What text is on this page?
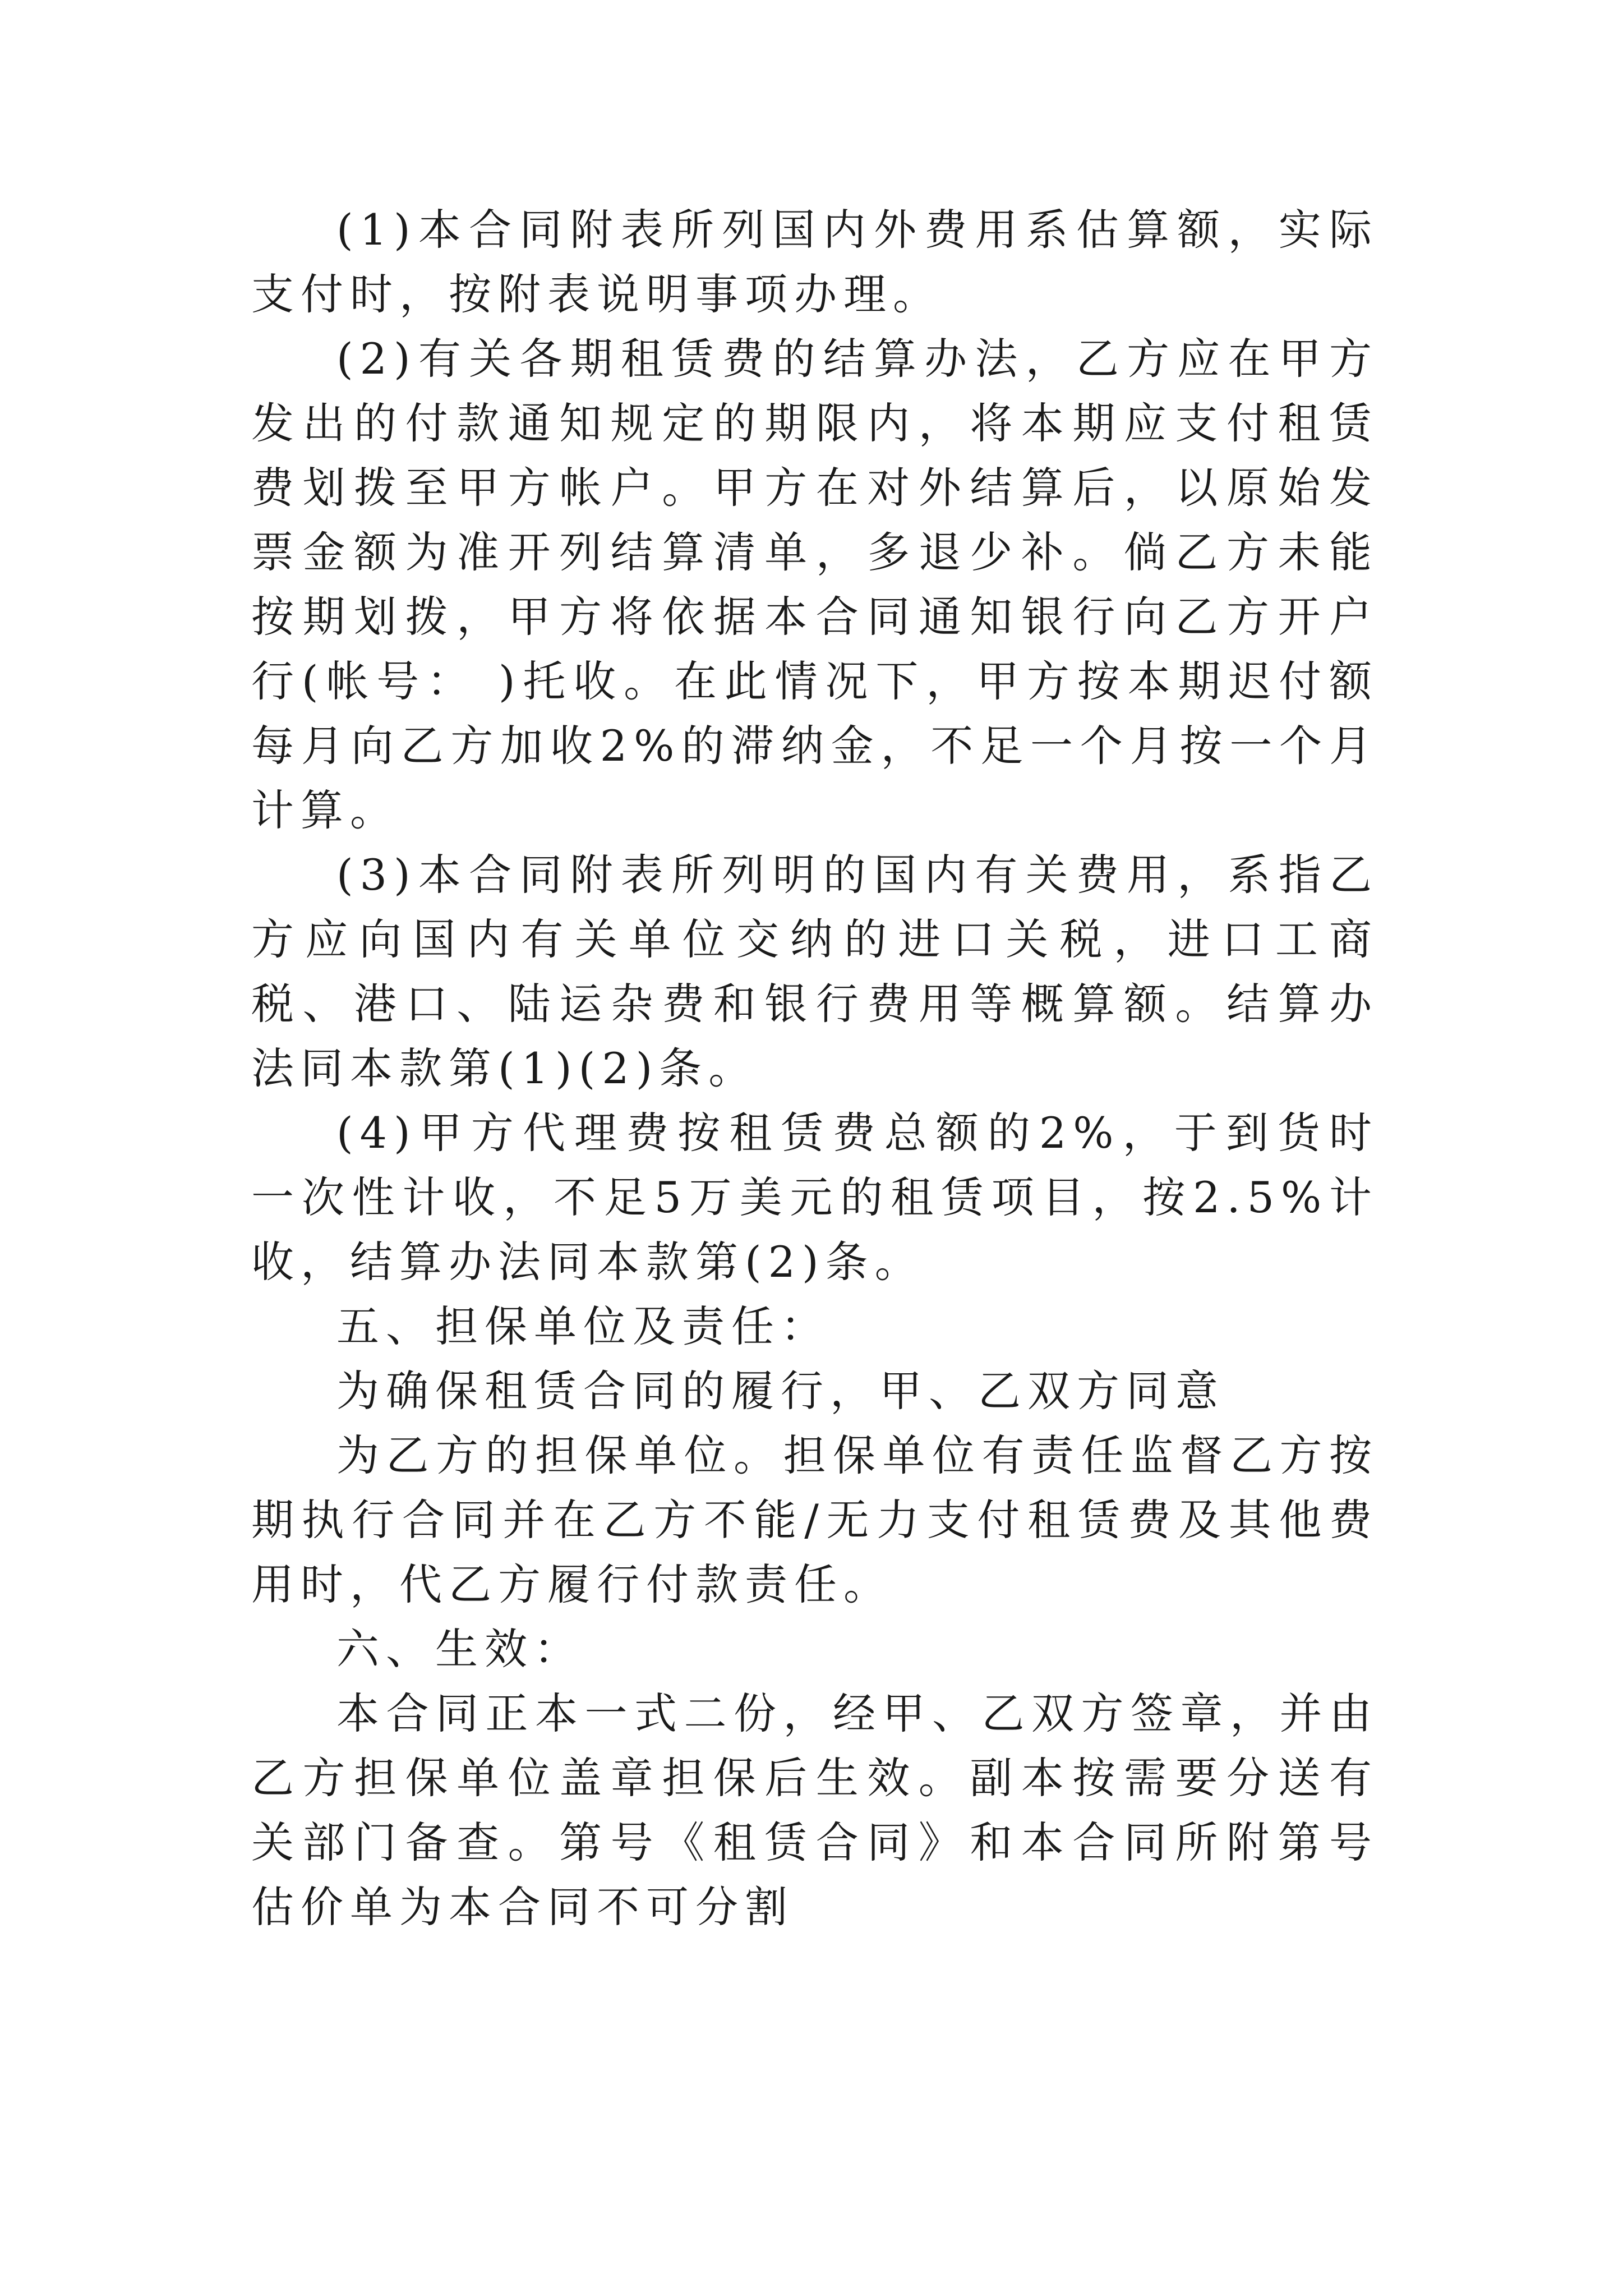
(1)本合同附表所列国内外费用系估算额，实际支付时，按附表说明事项办理。

(2)有关各期租赁费的结算办法，乙方应在甲方发出的付款通知规定的期限内，将本期应支付租赁费划拨至甲方帐户。甲方在对外结算后，以原始发票金额为准开列结算清单，多退少补。倘乙方未能按期划拨，甲方将依据本合同通知银行向乙方开户行(帐号： )托收。在此情况下，甲方按本期迟付额每月向乙方加收2%的滞纳金，不足一个月按一个月计算。

(3)本合同附表所列明的国内有关费用，系指乙方应向国内有关单位交纳的进口关税，进口工商税、港口、陆运杂费和银行费用等概算额。结算办法同本款第(1)(2)条。

(4)甲方代理费按租赁费总额的2%，于到货时一次性计收，不足5万美元的租赁项目，按2.5%计收，结算办法同本款第(2)条。

五、担保单位及责任：

为确保租赁合同的履行，甲、乙双方同意

为乙方的担保单位。担保单位有责任监督乙方按期执行合同并在乙方不能/无力支付租赁费及其他费用时，代乙方履行付款责任。

六、生效：

本合同正本一式二份，经甲、乙双方签章，并由乙方担保单位盖章担保后生效。副本按需要分送有关部门备查。第号《租赁合同》和本合同所附第号估价单为本合同不可分割
